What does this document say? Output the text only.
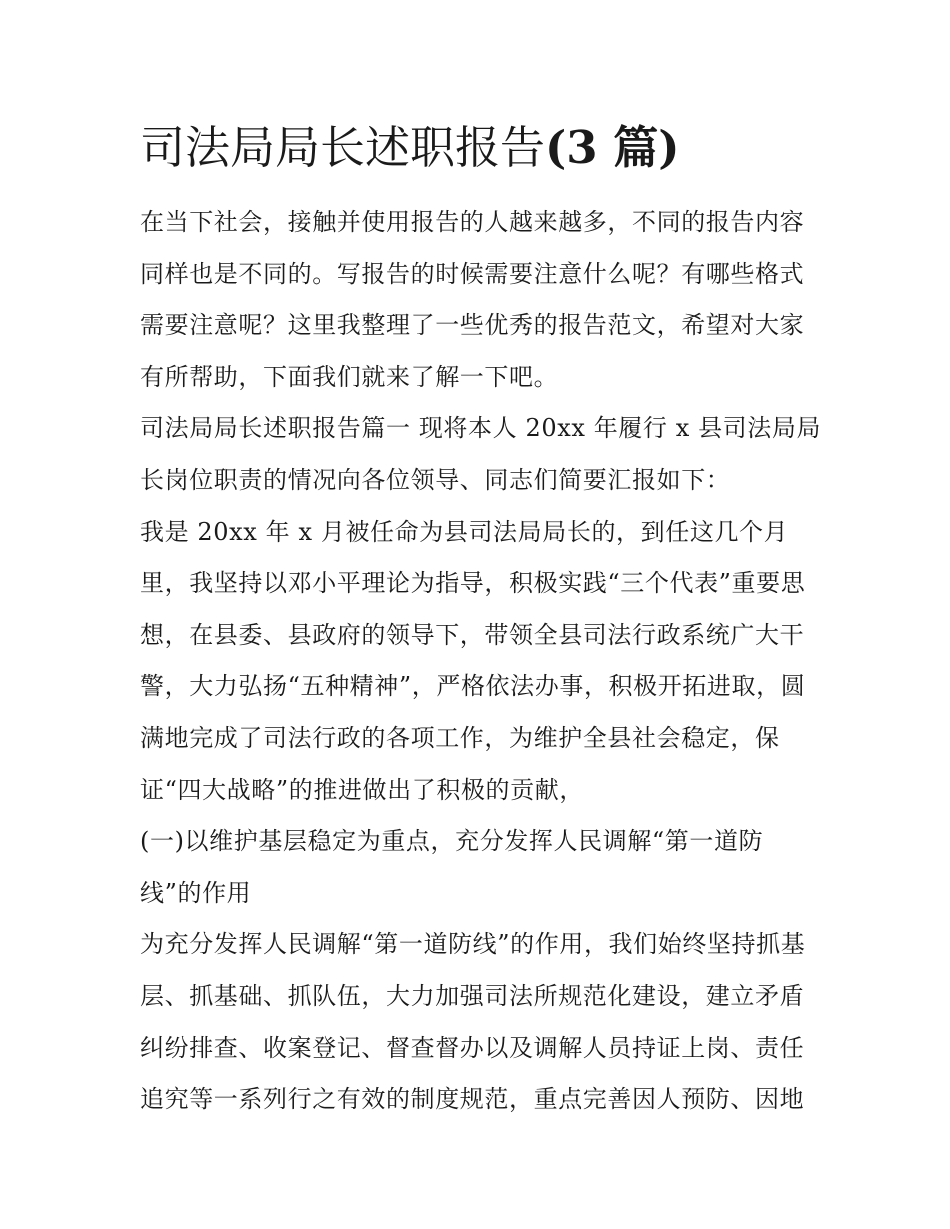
司法局局长述职报告(3 篇)
在当下社会，接触并使用报告的人越来越多，不同的报告内容
同样也是不同的。写报告的时候需要注意什么呢？有哪些格式
需要注意呢？这里我整理了一些优秀的报告范文，希望对大家
有所帮助，下面我们就来了解一下吧。
司法局局长述职报告篇一 现将本人 20xx 年履行 x 县司法局局
长岗位职责的情况向各位领导、同志们简要汇报如下：
我是 20xx 年 x 月被任命为县司法局局长的，到任这几个月
里，我坚持以邓小平理论为指导，积极实践“三个代表”重要思
想，在县委、县政府的领导下，带领全县司法行政系统广大干
警，大力弘扬“五种精神”，严格依法办事，积极开拓进取，圆
满地完成了司法行政的各项工作，为维护全县社会稳定，保
证“四大战略”的推进做出了积极的贡献，
(一)以维护基层稳定为重点，充分发挥人民调解“第一道防
线”的作用
为充分发挥人民调解“第一道防线”的作用，我们始终坚持抓基
层、抓基础、抓队伍，大力加强司法所规范化建设，建立矛盾
纠纷排查、收案登记、督查督办以及调解人员持证上岗、责任
追究等一系列行之有效的制度规范，重点完善因人预防、因地
